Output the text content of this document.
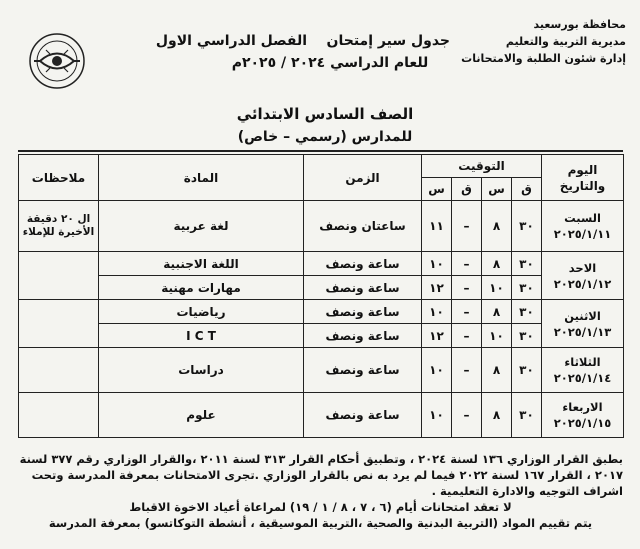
محافظة بورسعيد
مديرية التربية والتعليم
إدارة شئون الطلبة والامتحانات
جدول سير إمتحان    الفصل الدراسي الاول
للعام الدراسي ٢٠٢٤ / ٢٠٢٥م
الصف السادس الابتدائي
للمدارس (رسمي – خاص)
اليوم
والتاريخ	التوقيت				الزمن	المادة	ملاحظات
	ق	س	ق	س			

السبت
٢٠٢٥/١/١١	٣٠	٨	–	١١	ساعتان ونصف	لغة عربية	ال ٢٠ دقيقة الأخيرة للإملاء

الاحد
٢٠٢٥/١/١٢	٣٠	٨	–	١٠	ساعة ونصف	اللغة الاجنبية	
	٣٠	١٠	–	١٢	ساعة ونصف	مهارات مهنية	

الاثنين
٢٠٢٥/١/١٣	٣٠	٨	–	١٠	ساعة ونصف	رياضيات	
	٣٠	١٠	–	١٢	ساعة ونصف	I C T	

الثلاثاء
٢٠٢٥/١/١٤	٣٠	٨	–	١٠	ساعة ونصف	دراسات	

الاربعاء
٢٠٢٥/١/١٥	٣٠	٨	–	١٠	ساعة ونصف	علوم	

بطبق القرار الوزاري ١٣٦ لسنة ٢٠٢٤ ، وتطبيق أحكام القرار ٣١٣ لسنة ٢٠١١ ،والقرار الوزاري رقم ٣٧٧ لسنة

٢٠١٧ ، القرار ١٦٧ لسنة ٢٠٢٢ فيما لم يرد به نص بالقرار الوزاري .تجرى الامتحانات بمعرفة المدرسة وتحت

اشراف التوجيه والادارة التعليمية .

لا تعقد امتحانات أيام (٦ ، ٧ ، ٨ / ١ / ١٩) لمراعاة أعياد الاخوة الاقباط

يتم تقييم المواد (التربية البدنية والصحية ،التربية الموسيقية ، أنشطة التوكاتسو) بمعرفة المدرسة
